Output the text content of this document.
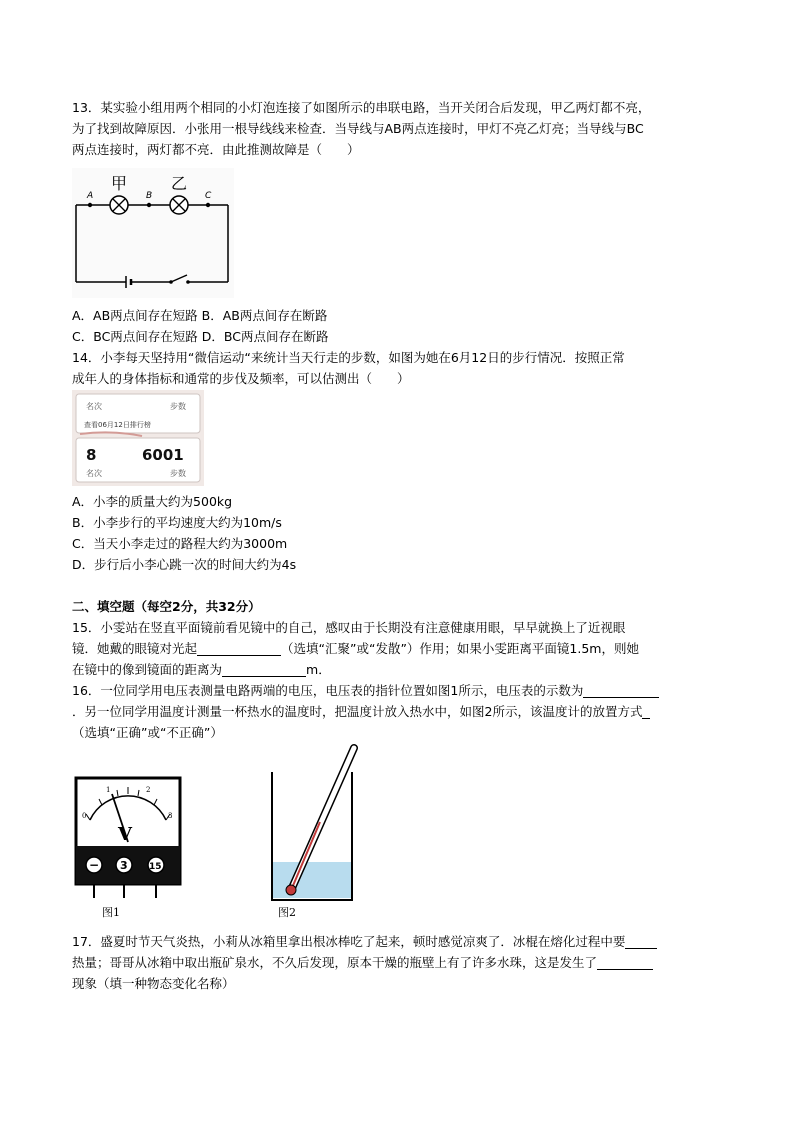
13．某实验小组用两个相同的小灯泡连接了如图所示的串联电路，当开关闭合后发现，甲乙两灯都不亮，
为了找到故障原因．小张用一根导线线来检查．当导线与AB两点连接时，甲灯不亮乙灯亮；当导线与BC
两点连接时，两灯都不亮．由此推测故障是（　　）
A	B	C
甲	乙
A．AB两点间存在短路 B．AB两点间存在断路
C．BC两点间存在短路 D．BC两点间存在断路
14．小李每天坚持用“微信运动“来统计当天行走的步数，如图为她在6月12日的步行情况．按照正常
成年人的身体指标和通常的步伐及频率，可以估测出（　　）
名次	步数
查看06月12日排行榜
8	6001
名次	步数
A．小李的质量大约为500kg
B．小李步行的平均速度大约为10m/s
C．当天小李走过的路程大约为3000m
D．步行后小李心跳一次的时间大约为4s
二、填空题（每空2分，共32分）
15．小雯站在竖直平面镜前看见镜中的自己，感叹由于长期没有注意健康用眼，早早就换上了近视眼
镜．她戴的眼镜对光起	（选填“汇聚”或“发散”）作用；如果小雯距离平面镜1.5m，则她
在镜中的像到镜面的距离为	m．
16．一位同学用电压表测量电路两端的电压，电压表的指针位置如图1所示，电压表的示数为
．另一位同学用温度计测量一杯热水的温度时，把温度计放入热水中，如图2所示，该温度计的放置方式
（选填“正确”或“不正确”）
0
1	2
3
V
− 3 15
图1	图2
17．盛夏时节天气炎热，小莉从冰箱里拿出根冰棒吃了起来，顿时感觉凉爽了．冰棍在熔化过程中要
热量；哥哥从冰箱中取出瓶矿泉水，不久后发现，原本干燥的瓶壁上有了许多水珠，这是发生了
现象（填一种物态变化名称）
